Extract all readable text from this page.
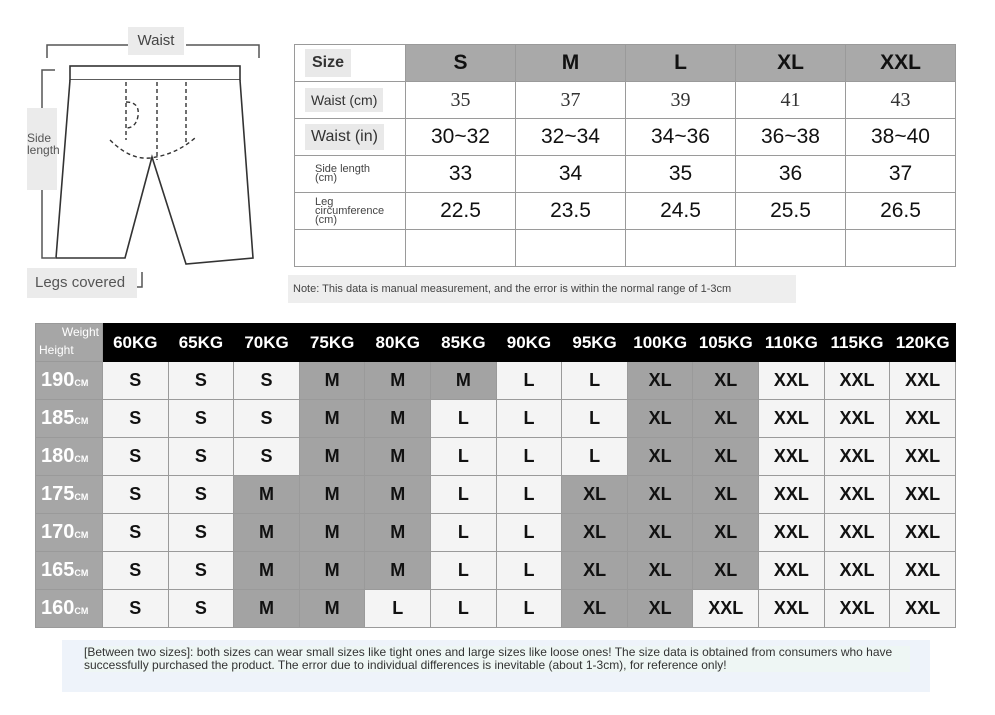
Waist
Side
length
Legs covered
Size	S	M	L	XL	XXL
Waist (cm)	35	37	39	41	43
Waist (in)	30~32	32~34	34~36	36~38	38~40

Side length
(cm)	33	34	35	36	37

Leg circumference
(cm)	22.5	23.5	24.5	25.5	26.5

Note: This data is manual measurement, and the error is within the normal range of 1-3cm
Weight
Height	60KG	65KG	70KG	75KG	80KG	85KG	90KG	95KG	100KG	105KG	110KG	115KG	120KG
190CM	S	S	S	M	M	M	L	L	XL	XL	XXL	XXL	XXL
185CM	S	S	S	M	M	L	L	L	XL	XL	XXL	XXL	XXL
180CM	S	S	S	M	M	L	L	L	XL	XL	XXL	XXL	XXL
175CM	S	S	M	M	M	L	L	XL	XL	XL	XXL	XXL	XXL
170CM	S	S	M	M	M	L	L	XL	XL	XL	XXL	XXL	XXL
165CM	S	S	M	M	M	L	L	XL	XL	XL	XXL	XXL	XXL
160CM	S	S	M	M	L	L	L	XL	XL	XXL	XXL	XXL	XXL
[Between two sizes]: both sizes can wear small sizes like tight ones and large sizes like loose ones! The size data is obtained from consumers who have successfully purchased the product. The error due to individual differences is inevitable (about 1-3cm), for reference only!
